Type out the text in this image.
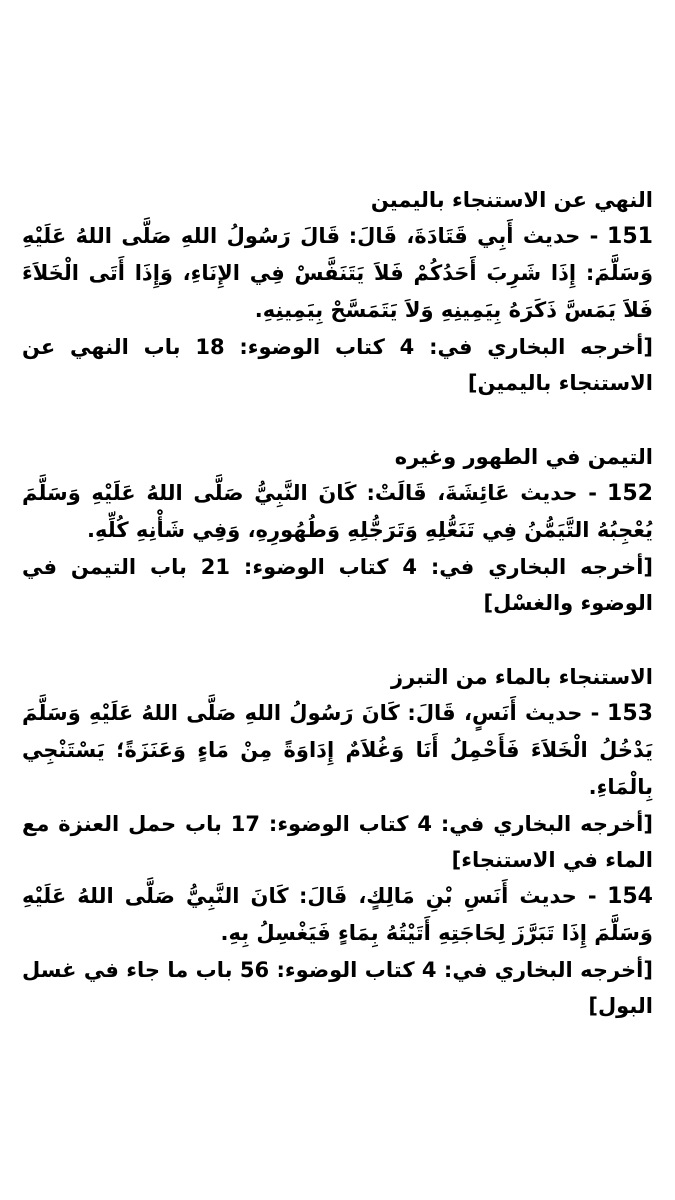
النهي عن الاستنجاء باليمين

151 - حديث أَبِي قَتَادَةَ، قَالَ: قَالَ رَسُولُ اللهِ صَلَّى اللهُ عَلَيْهِ وَسَلَّمَ: إِذَا شَرِبَ أَحَدُكُمْ فَلاَ يَتَنَفَّسْ فِي الإِنَاءِ، وَإِذَا أَتَى الْخَلاَءَ فَلاَ يَمَسَّ ذَكَرَهُ بِيَمِينِهِ وَلاَ يَتَمَسَّحْ بِيَمِينِهِ.

[أخرجه البخاري في: 4 كتاب الوضوء: 18 باب النهي عن الاستنجاء باليمين]

التيمن في الطهور وغيره

152 - حديث عَائِشَةَ، قَالَتْ: كَانَ النَّبِيُّ صَلَّى اللهُ عَلَيْهِ وَسَلَّمَ يُعْجِبُهُ التَّيَمُّنُ فِي تَنَعُّلِهِ وَتَرَجُّلِهِ وَطُهُورِهِ، وَفِي شَأْنِهِ كُلِّهِ.

[أخرجه البخاري في: 4 كتاب الوضوء: 21 باب التيمن في الوضوء والغسْل]

الاستنجاء بالماء من التبرز

153 - حديث أَنَسٍ، قَالَ: كَانَ رَسُولُ اللهِ صَلَّى اللهُ عَلَيْهِ وَسَلَّمَ يَدْخُلُ الْخَلاَءَ فَأَحْمِلُ أَنَا وَغُلاَمٌ إِدَاوَةً مِنْ مَاءٍ وَعَنَزَةً؛ يَسْتَنْجِي بِالْمَاءِ.

[أخرجه البخاري في: 4 كتاب الوضوء: 17 باب حمل العنزة مع الماء في الاستنجاء]

154 - حديث أَنَسِ بْنِ مَالِكٍ، قَالَ: كَانَ النَّبِيُّ صَلَّى اللهُ عَلَيْهِ وَسَلَّمَ إِذَا تَبَرَّزَ لِحَاجَتِهِ أَتَيْتُهُ بِمَاءٍ فَيَغْسِلُ بِهِ.

[أخرجه البخاري في: 4 كتاب الوضوء: 56 باب ما جاء في غسل البول]
